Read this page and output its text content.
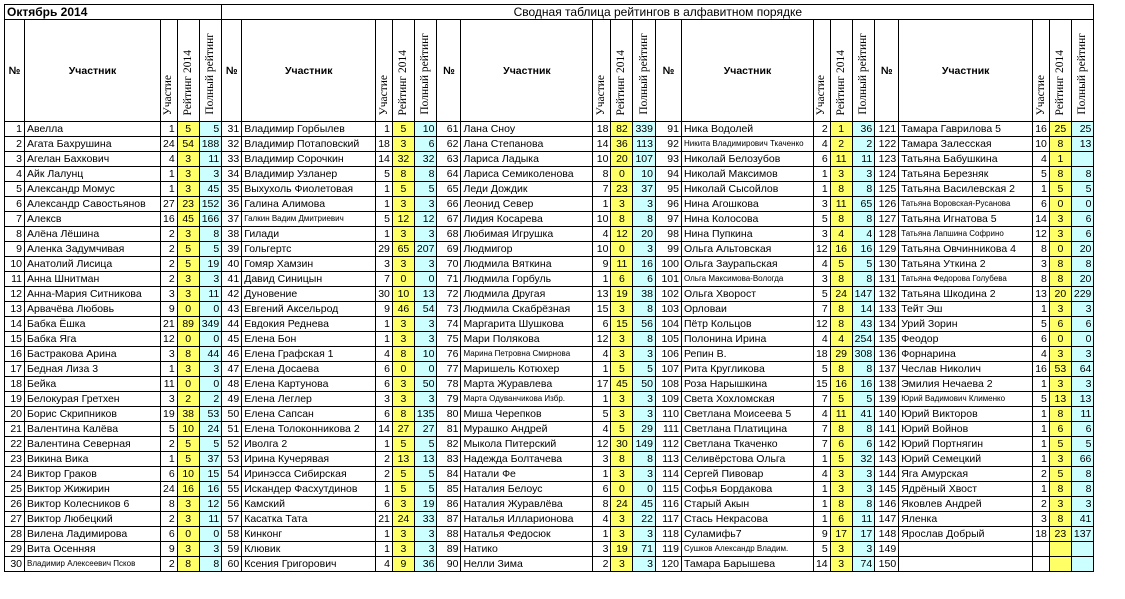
Октябрь 2014					Сводная таблица рейтингов в алфавитном порядке																			
№	Участник	Участие	Рейтинг 2014	Полный рейтинг	№	Участник	Участие	Рейтинг 2014	Полный рейтинг	№	Участник	Участие	Рейтинг 2014	Полный рейтинг	№	Участник	Участие	Рейтинг 2014	Полный рейтинг	№	Участник	Участие	Рейтинг 2014	Полный рейтинг
1	Авелла	1	5	5	31	Владимир Горбылев	1	5	10	61	Лана Сноу	18	82	339	91	Ника Водолей	2	1	36	121	Тамара Гаврилова 5	16	25	25
2	Агата Бахрушина	24	54	188	32	Владимир Потаповский	18	3	6	62	Лана Степанова	14	36	113	92	Никита Владимирович Ткаченко	4	2	2	122	Тамара Залесская	10	8	13
3	Агелан Бахкович	4	3	11	33	Владимир Сорочкин	14	32	32	63	Лариса Ладыка	10	20	107	93	Николай Белозубов	6	11	11	123	Татьяна Бабушкина	4	1	
4	Айк Лалунц	1	3	3	34	Владимир Узланер	5	8	8	64	Лариса Семиколенова	8	0	10	94	Николай Максимов	1	3	3	124	Татьяна Березняк	5	8	8
5	Александр Момус	1	3	45	35	Выхухоль Фиолетовая	1	5	5	65	Леди Дождик	7	23	37	95	Николай Сысойлов	1	8	8	125	Татьяна Василевская 2	1	5	5
6	Александр Савостьянов	27	23	152	36	Галина Алимова	1	3	3	66	Леонид Севeр	1	3	3	96	Нина Агошкова	3	11	65	126	Татьяна Воровская-Русанова	6	0	0
7	Алексв	16	45	166	37	Галкин Вадим Дмитриевич	5	12	12	67	Лидия Косарева	10	8	8	97	Нина Колосова	5	8	8	127	Татьяна Игнатова 5	14	3	6
8	Алёна Лёшина	2	3	8	38	Гилади	1	3	3	68	Любимая Игрушка	4	12	20	98	Нина Пупкина	3	4	4	128	Татьяна Лапшина Софрино	12	3	6
9	Аленка Задумчивая	2	5	5	39	Гольгертс	29	65	207	69	Людмигор	10	0	3	99	Ольга Альтовская	12	16	16	129	Татьяна Овчинникова 4	8	0	20
10	Анатолий Лисица	2	5	19	40	Гомяр Хамзин	3	3	3	70	Людмила Вяткина	9	11	16	100	Ольга Заурапьская	4	5	5	130	Татьяна Уткина 2	3	8	8
11	Анна Шнитман	2	3	3	41	Давид Синицын	7	0	0	71	Людмила Горбуль	1	6	6	101	Ольга Максимова-Вологда	3	8	8	131	Татьяна Федорова Голубева	8	8	20
12	Анна-Мария Ситникова	3	3	11	42	Дуновение	30	10	13	72	Людмила Другая	13	19	38	102	Ольга Хворост	5	24	147	132	Татьяна Шкодина 2	13	20	229
13	Арвачёва Любовь	9	0	0	43	Евгений Аксельрод	9	46	54	73	Людмила Скабрёзная	15	3	8	103	Орловаи	7	8	14	133	Тейт Эш	1	3	3
14	Бабка Ёшка	21	89	349	44	Евдокия Реднева	1	3	3	74	Маргарита Шушкова	6	15	56	104	Пётр Кольцов	12	8	43	134	Урий Зорин	5	6	6
15	Бабка Яга	12	0	0	45	Елена Бон	1	3	3	75	Мари Полякова	12	3	8	105	Полонина Ирина	4	4	254	135	Феодор	6	0	0
16	Бастракова Арина	3	8	44	46	Елена Графская 1	4	8	10	76	Марина Петровна Смирнова	4	3	3	106	Репин В.	18	29	308	136	Форнарина	4	3	3
17	Бедная Лиза 3	1	3	3	47	Елена Досаева	6	0	0	77	Маришель Котюхер	1	5	5	107	Рита Кругликова	5	8	8	137	Чеслав Николич	16	53	64
18	Бейка	11	0	0	48	Елена Картунова	6	3	50	78	Марта Журавлева	17	45	50	108	Роза Нарышкина	15	16	16	138	Эмилия Нечаева 2	1	3	3
19	Белокурая Гретхен	3	2	2	49	Елена Леглер	3	3	3	79	Марта Одуванчикова Избр.	1	3	3	109	Света Хохломская	7	5	5	139	Юрий Вадимович Клименко	5	13	13
20	Борис Скрипников	19	38	53	50	Елена Сапсан	6	8	135	80	Миша Черепков	5	3	3	110	Светлана Моисеева 5	4	11	41	140	Юрий Викторов	1	8	11
21	Валентина Калёва	5	10	24	51	Елена Толоконникова 2	14	27	27	81	Мурашко Андрей	4	5	29	111	Светлана Платицина	7	8	8	141	Юрий Войнов	1	6	6
22	Валентина Северная	2	5	5	52	Иволга 2	1	5	5	82	Мыкола Питерский	12	30	149	112	Светлана Ткаченко	7	6	6	142	Юрий Портнягин	1	5	5
23	Викина Вика	1	5	37	53	Ирина Кучерявая	2	13	13	83	Надежда Болтачева	3	8	8	113	Селивёрстова Ольга	1	5	32	143	Юрий Семецкий	1	3	66
24	Виктор Граков	6	10	15	54	Иринэсса Сибирская	2	5	5	84	Натали Фе	1	3	3	114	Сергей Пивовар	4	3	3	144	Яга Амурская	2	5	8
25	Виктор Жижирин	24	16	16	55	Искандер Фасхутдинов	1	5	5	85	Наталия Белоус	6	0	0	115	Софья Бордакова	1	3	3	145	Ядрёный Хвост	1	8	8
26	Виктор Колесников 6	8	3	12	56	Камский	6	3	19	86	Наталия Журавлёва	8	24	45	116	Старый Акын	1	8	8	146	Яковлев Андрей	2	3	3
27	Виктор Любецкий	2	3	11	57	Касатка Тата	21	24	33	87	Наталья Илларионова	4	3	22	117	Стась Некрасова	1	6	11	147	Яленка	3	8	41
28	Вилена Ладимирова	6	0	0	58	Кинконг	1	3	3	88	Наталья Федосюк	1	3	3	118	Суламифь7	9	17	17	148	Ярослав Добрый	18	23	137
29	Вита Осенняя	9	3	3	59	Клювик	1	3	3	89	Натико	3	19	71	119	Сушков Александр Владим.	5	3	3	149				
30	Владимир Алексеевич Псков	2	8	8	60	Ксения Григорович	4	9	36	90	Нелли Зима	2	3	3	120	Тамара Барышева	14	3	74	150				
